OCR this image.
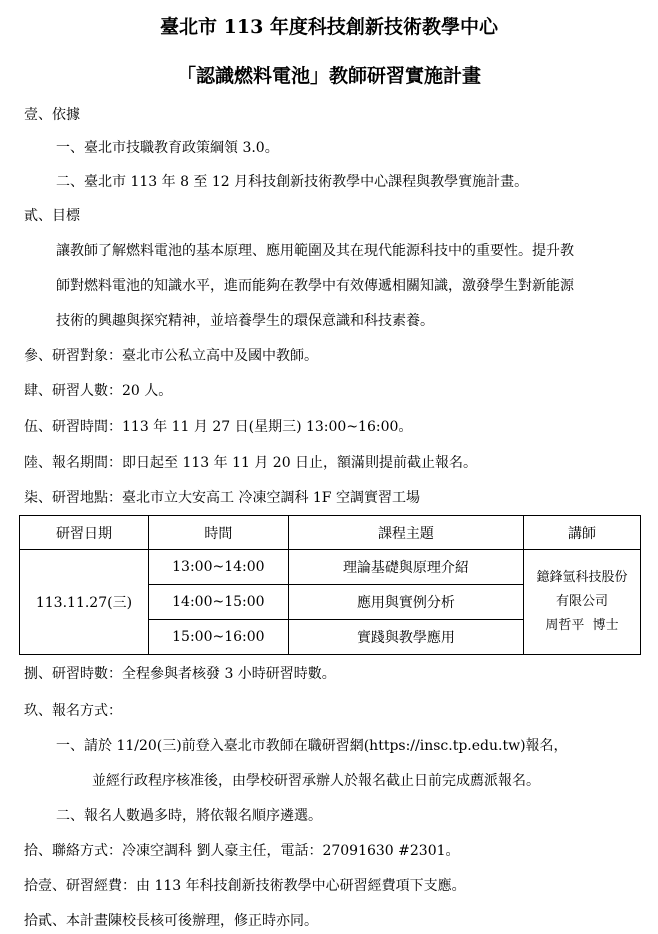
臺北市 113 年度科技創新技術教學中心
「認識燃料電池」教師研習實施計畫
壹、依據
一、臺北市技職教育政策綱領 3.0。
二、臺北市 113 年 8 至 12 月科技創新技術教學中心課程與教學實施計畫。
貳、目標
讓教師了解燃料電池的基本原理、應用範圍及其在現代能源科技中的重要性。提升教
師對燃料電池的知識水平，進而能夠在教學中有效傳遞相關知識，激發學生對新能源
技術的興趣與探究精神，並培養學生的環保意識和科技素養。
參、研習對象：臺北市公私立高中及國中教師。
肆、研習人數：20 人。
伍、研習時間：113 年 11 月 27 日(星期三) 13:00~16:00。
陸、報名期間：即日起至 113 年 11 月 20 日止，額滿則提前截止報名。
柒、研習地點：臺北市立大安高工 冷凍空調科 1F 空調實習工場
研習日期	時間	課程主題	講師
113.11.27(三)	13:00~14:00	理論基礎與原理介紹	鐿鋒氫科技股份
有限公司
周哲平  博士

	14:00~15:00	應用與實例分析	
	15:00~16:00	實踐與教學應用	
捌、研習時數：全程參與者核發 3 小時研習時數。
玖、報名方式：
一、請於 11/20(三)前登入臺北市教師在職研習網(https://insc.tp.edu.tw)報名，
並經行政程序核准後，由學校研習承辦人於報名截止日前完成薦派報名。
二、報名人數過多時，將依報名順序遴選。
拾、聯絡方式：冷凍空調科 劉人豪主任，電話：27091630 #2301。
拾壹、研習經費：由 113 年科技創新技術教學中心研習經費項下支應。
拾貳、本計畫陳校長核可後辦理，修正時亦同。
